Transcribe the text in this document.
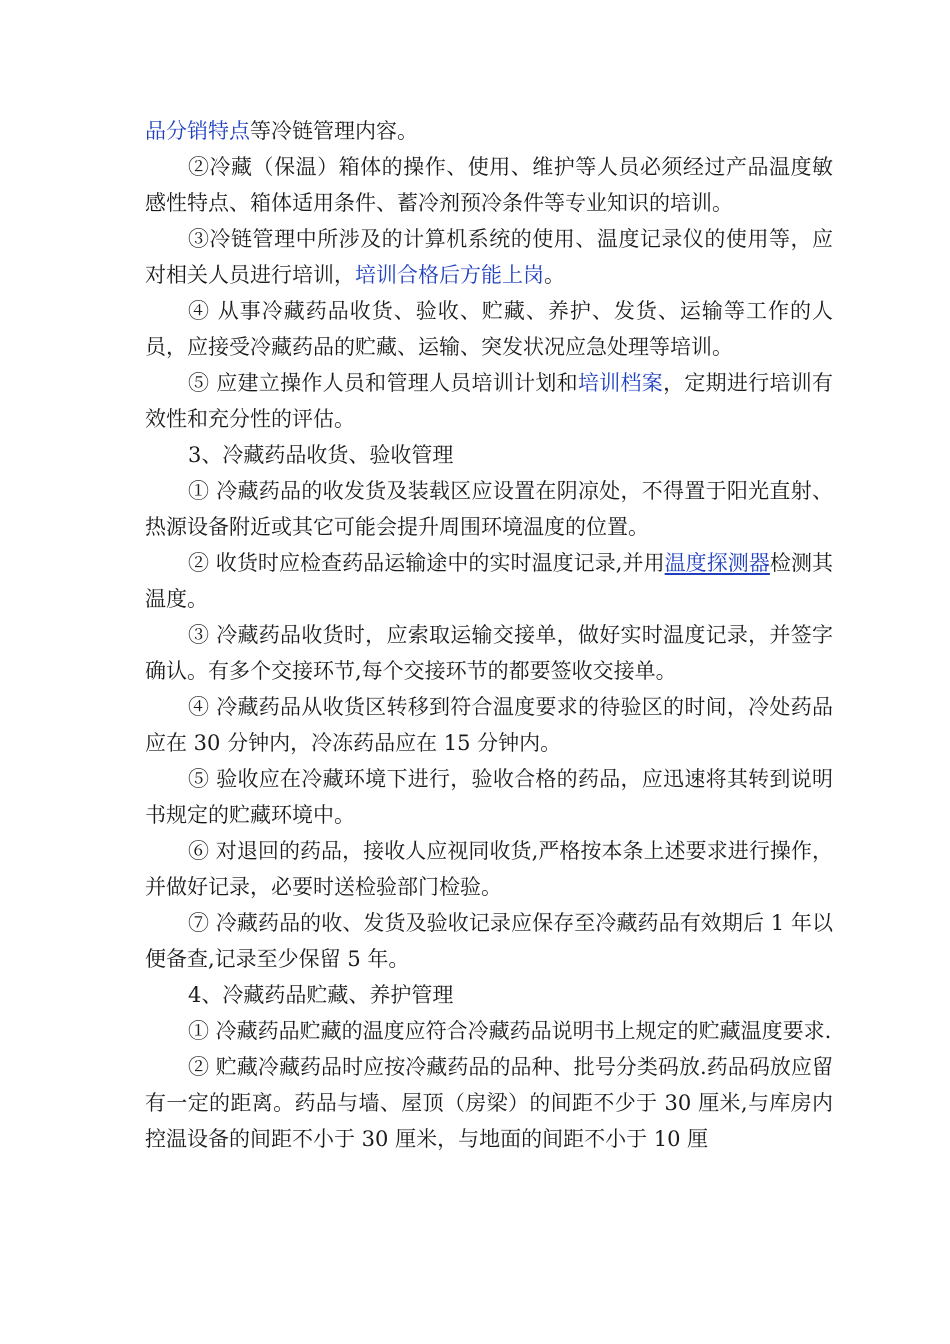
品分销特点等冷链管理内容。

②冷藏（保温）箱体的操作、使用、维护等人员必须经过产品温度敏感性特点、箱体适用条件、蓄冷剂预冷条件等专业知识的培训。

③冷链管理中所涉及的计算机系统的使用、温度记录仪的使用等，应对相关人员进行培训，培训合格后方能上岗。

④ 从事冷藏药品收货、验收、贮藏、养护、发货、运输等工作的人员，应接受冷藏药品的贮藏、运输、突发状况应急处理等培训。

⑤ 应建立操作人员和管理人员培训计划和培训档案，定期进行培训有效性和充分性的评估。

3、冷藏药品收货、验收管理

① 冷藏药品的收发货及装载区应设置在阴凉处，不得置于阳光直射、热源设备附近或其它可能会提升周围环境温度的位置。

② 收货时应检查药品运输途中的实时温度记录,并用温度探测器检测其温度。

③ 冷藏药品收货时，应索取运输交接单，做好实时温度记录，并签字确认。有多个交接环节,每个交接环节的都要签收交接单。

④ 冷藏药品从收货区转移到符合温度要求的待验区的时间，冷处药品应在 30 分钟内，冷冻药品应在 15 分钟内。

⑤ 验收应在冷藏环境下进行，验收合格的药品，应迅速将其转到说明书规定的贮藏环境中。

⑥ 对退回的药品，接收人应视同收货,严格按本条上述要求进行操作，并做好记录，必要时送检验部门检验。

⑦ 冷藏药品的收、发货及验收记录应保存至冷藏药品有效期后 1 年以便备查,记录至少保留 5 年。

4、冷藏药品贮藏、养护管理

① 冷藏药品贮藏的温度应符合冷藏药品说明书上规定的贮藏温度要求.

② 贮藏冷藏药品时应按冷藏药品的品种、批号分类码放.药品码放应留有一定的距离。药品与墙、屋顶（房梁）的间距不少于 30 厘米,与库房内控温设备的间距不小于 30 厘米，与地面的间距不小于 10 厘
